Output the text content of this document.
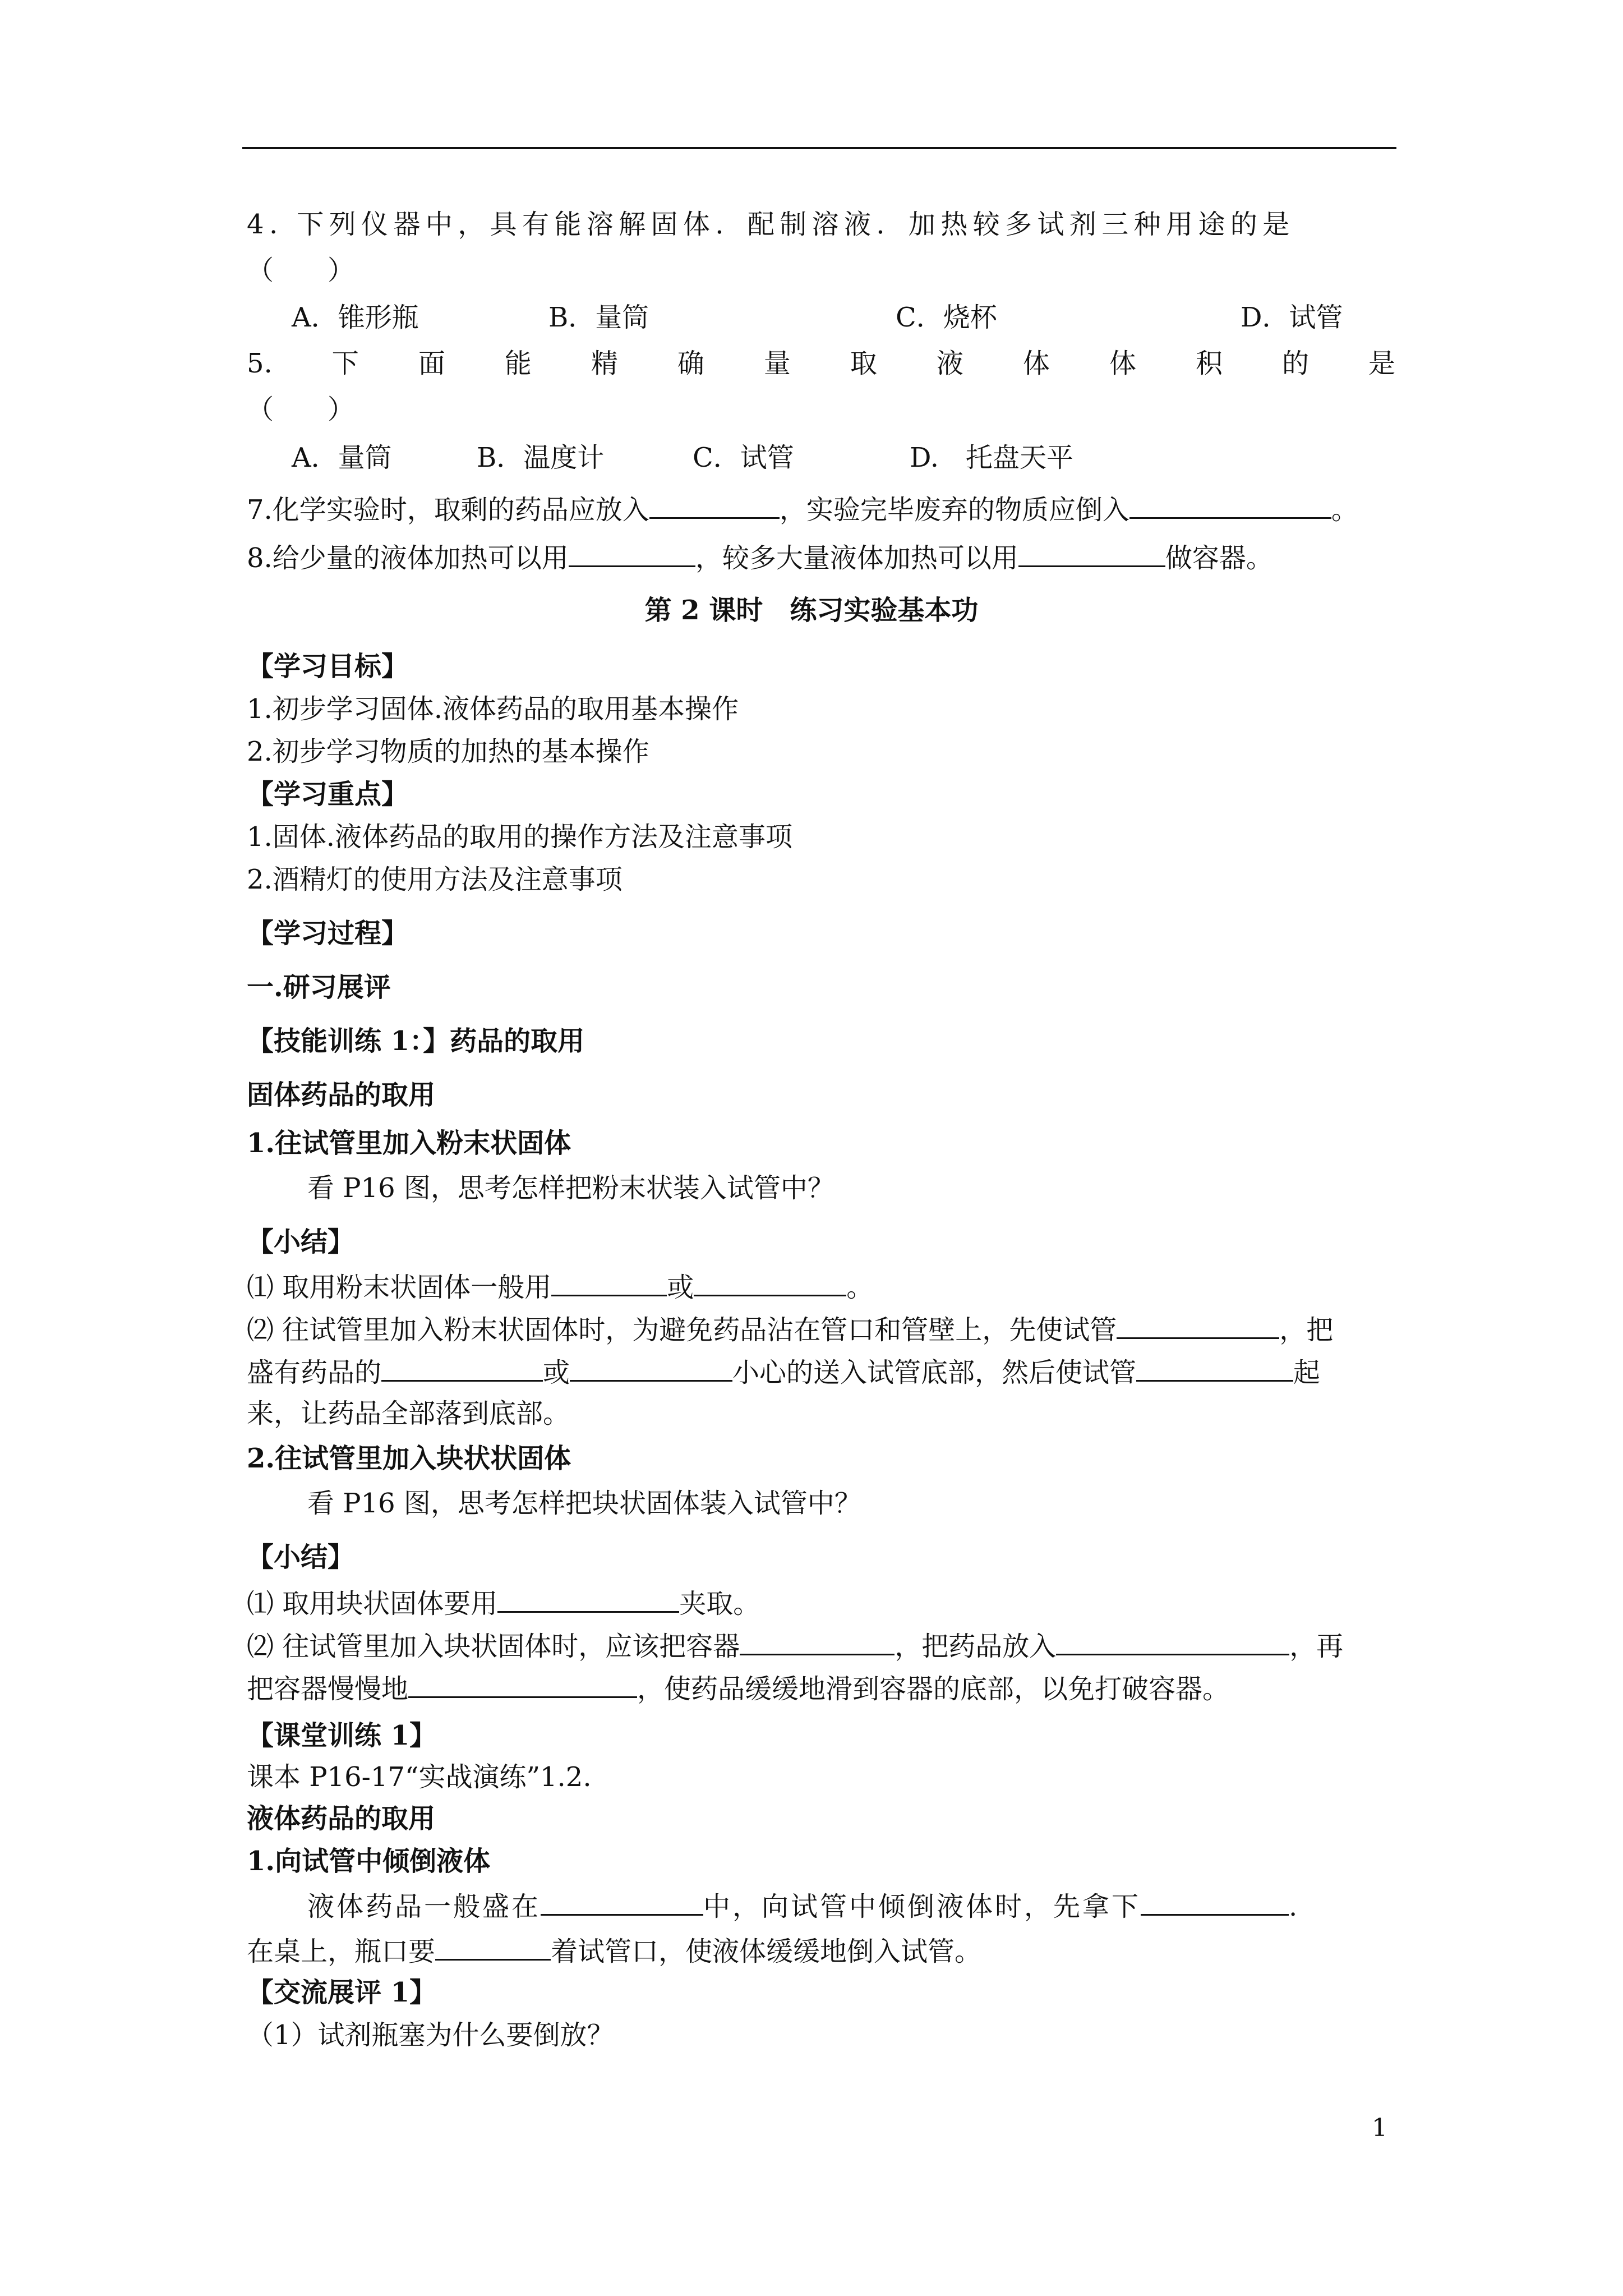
4. 下列仪器中，具有能溶解固体．配制溶液．加热较多试剂三种用途的是
（　　）
A．锥形瓶	B．量筒	C．烧杯	D．试管
5. 下 面 能 精 确 量 取 液 体 体 积 的 是
（　　）
A．量筒	B．温度计	C．试管	D.　托盘天平
7.化学实验时，取剩的药品应放入	，实验完毕废弃的物质应倒入	。
8.给少量的液体加热可以用	，较多大量液体加热可以用	做容器。
第 2 课时　练习实验基本功
【学习目标】
1.初步学习固体.液体药品的取用基本操作
2.初步学习物质的加热的基本操作
【学习重点】
1.固体.液体药品的取用的操作方法及注意事项
2.酒精灯的使用方法及注意事项
【学习过程】
一.研习展评
【技能训练 1：】药品的取用
固体药品的取用
1.往试管里加入粉末状固体
看 P16 图，思考怎样把粉末状装入试管中？
【小结】
⑴ 取用粉末状固体一般用	或	。
⑵ 往试管里加入粉末状固体时，为避免药品沾在管口和管壁上，先使试管	，把
盛有药品的	或	小心的送入试管底部，然后使试管	起
来，让药品全部落到底部。
2.往试管里加入块状状固体
看 P16 图，思考怎样把块状固体装入试管中？
【小结】
⑴ 取用块状固体要用	夹取。
⑵ 往试管里加入块状固体时，应该把容器	，把药品放入	，再
把容器慢慢地	，使药品缓缓地滑到容器的底部，以免打破容器。
【课堂训练 1】
课本 P16-17“实战演练”1.2.
液体药品的取用
1.向试管中倾倒液体
液体药品一般盛在	中，向试管中倾倒液体时，先拿下	.
在桌上，瓶口要	着试管口，使液体缓缓地倒入试管。
【交流展评 1】
（1）试剂瓶塞为什么要倒放？
1
